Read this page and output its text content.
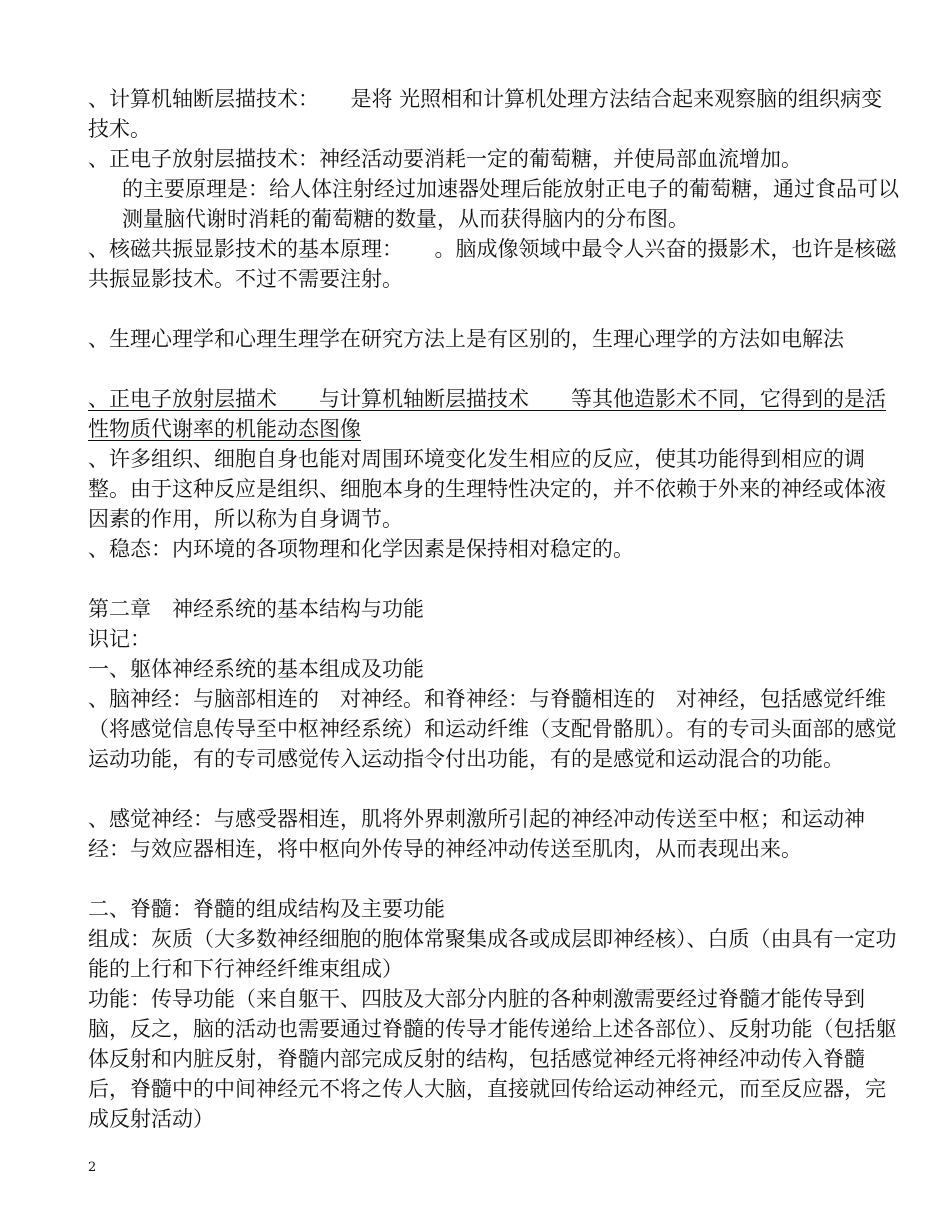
、计算机轴断层描技术：　　是将 光照相和计算机处理方法结合起来观察脑的组织病变技术。

、正电子放射层描技术：神经活动要消耗一定的葡萄糖，并使局部血流增加。

的主要原理是：给人体注射经过加速器处理后能放射正电子的葡萄糖，通过食品可以测量脑代谢时消耗的葡萄糖的数量，从而获得脑内的分布图。

、核磁共振显影技术的基本原理：　　。脑成像领域中最令人兴奋的摄影术，也许是核磁共振显影技术。不过不需要注射。

、生理心理学和心理生理学在研究方法上是有区别的，生理心理学的方法如电解法

、正电子放射层描术　　与计算机轴断层描技术　　等其他造影术不同，它得到的是活性物质代谢率的机能动态图像

、许多组织、细胞自身也能对周围环境变化发生相应的反应，使其功能得到相应的调整。由于这种反应是组织、细胞本身的生理特性决定的，并不依赖于外来的神经或体液因素的作用，所以称为自身调节。

、稳态：内环境的各项物理和化学因素是保持相对稳定的。

第二章　神经系统的基本结构与功能

识记：

一、躯体神经系统的基本组成及功能

、脑神经：与脑部相连的　对神经。和脊神经：与脊髓相连的　对神经，包括感觉纤维（将感觉信息传导至中枢神经系统）和运动纤维（支配骨骼肌）。有的专司头面部的感觉运动功能，有的专司感觉传入运动指令付出功能，有的是感觉和运动混合的功能。

、感觉神经：与感受器相连，肌将外界刺激所引起的神经冲动传送至中枢；和运动神经：与效应器相连，将中枢向外传导的神经冲动传送至肌肉，从而表现出来。

二、脊髓：脊髓的组成结构及主要功能

组成：灰质（大多数神经细胞的胞体常聚集成各或成层即神经核）、白质（由具有一定功能的上行和下行神经纤维束组成）

功能：传导功能（来自躯干、四肢及大部分内脏的各种刺激需要经过脊髓才能传导到脑，反之，脑的活动也需要通过脊髓的传导才能传递给上述各部位）、反射功能（包括躯体反射和内脏反射，脊髓内部完成反射的结构，包括感觉神经元将神经冲动传入脊髓后，脊髓中的中间神经元不将之传人大脑，直接就回传给运动神经元，而至反应器，完成反射活动）

2
